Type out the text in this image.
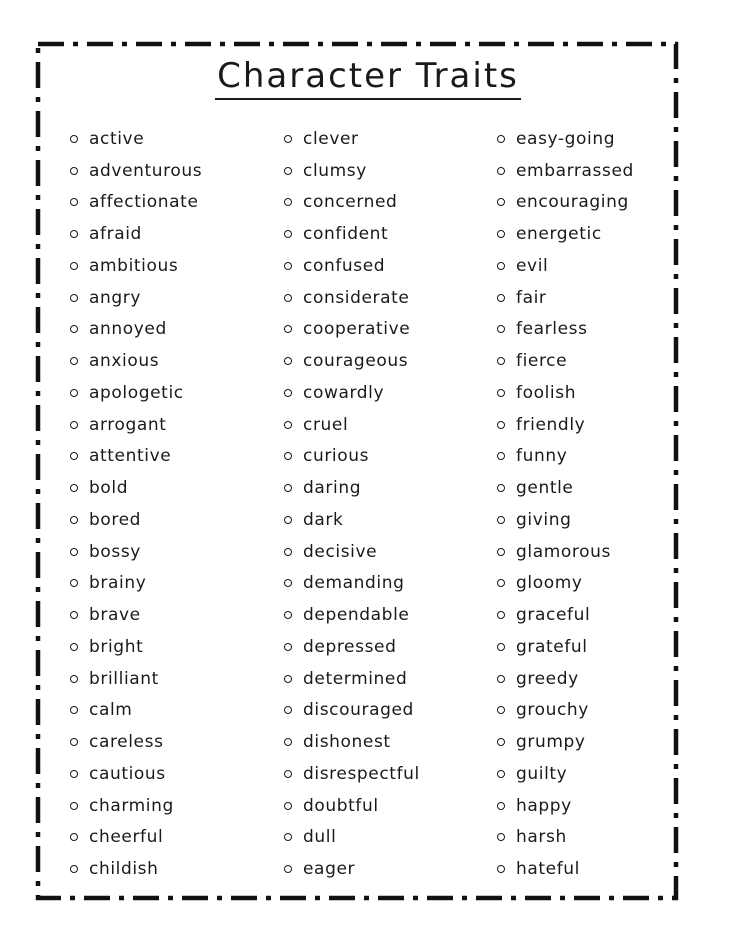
Character Traits
active
adventurous
affectionate
afraid
ambitious
angry
annoyed
anxious
apologetic
arrogant
attentive
bold
bored
bossy
brainy
brave
bright
brilliant
calm
careless
cautious
charming
cheerful
childish
clever
clumsy
concerned
confident
confused
considerate
cooperative
courageous
cowardly
cruel
curious
daring
dark
decisive
demanding
dependable
depressed
determined
discouraged
dishonest
disrespectful
doubtful
dull
eager
easy-going
embarrassed
encouraging
energetic
evil
fair
fearless
fierce
foolish
friendly
funny
gentle
giving
glamorous
gloomy
graceful
grateful
greedy
grouchy
grumpy
guilty
happy
harsh
hateful
